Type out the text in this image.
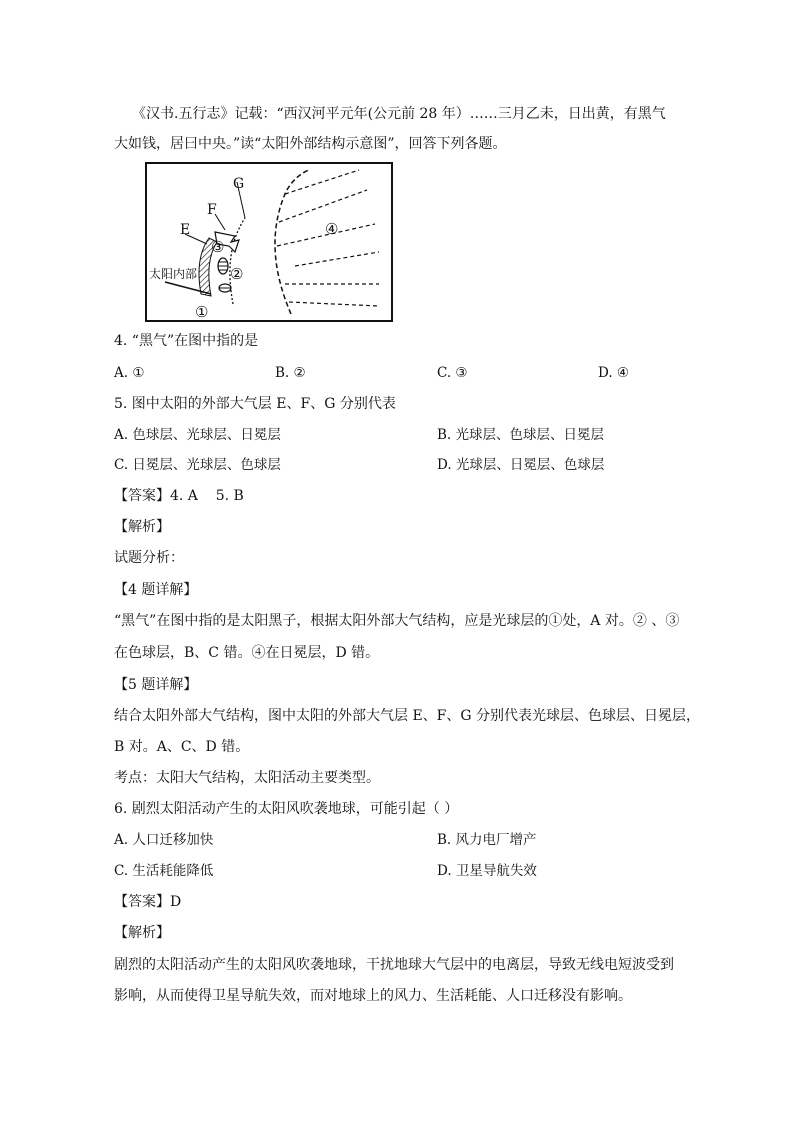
《汉书.五行志》记载：“西汉河平元年(公元前 28 年）……三月乙未，日出黄，有黑气
大如钱，居曰中央。”读“太阳外部结构示意图”，回答下列各题。
G
F
E
③
②
④
①
太阳内部
4. “黑气”在图中指的是
A. ①	B. ②	C. ③	D. ④
5. 图中太阳的外部大气层 E、F、G 分别代表
A. 色球层、光球层、日冕层	B. 光球层、色球层、日冕层
C. 日冕层、光球层、色球层	D. 光球层、日冕层、色球层
【答案】4. A    5. B
【解析】
试题分析：
【4 题详解】
“黑气”在图中指的是太阳黑子，根据太阳外部大气结构，应是光球层的①处，A 对。② 、③
在色球层，B、C 错。④在日冕层，D 错。
【5 题详解】
结合太阳外部大气结构，图中太阳的外部大气层 E、F、G 分别代表光球层、色球层、日冕层，
B 对。A、C、D 错。
考点：太阳大气结构，太阳活动主要类型。
6. 剧烈太阳活动产生的太阳风吹袭地球，可能引起（ ）
A. 人口迁移加快	B. 风力电厂增产
C. 生活耗能降低	D. 卫星导航失效
【答案】D
【解析】
剧烈的太阳活动产生的太阳风吹袭地球，干扰地球大气层中的电离层，导致无线电短波受到
影响，从而使得卫星导航失效，而对地球上的风力、生活耗能、人口迁移没有影响。
